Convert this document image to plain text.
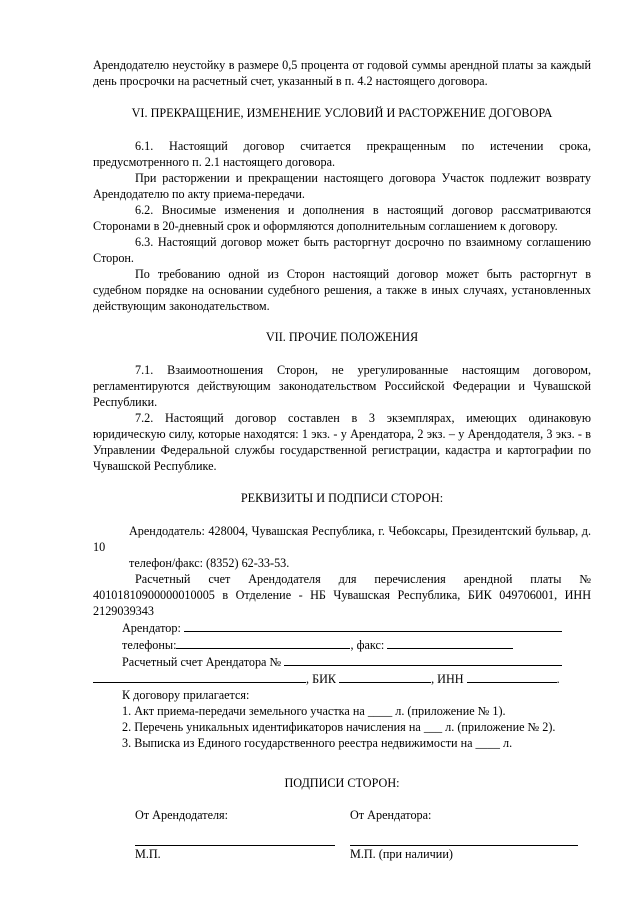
Арендодателю неустойку в размере 0,5 процента от годовой суммы арендной платы за каждый день просрочки на расчетный счет, указанный в п. 4.2 настоящего договора.

VI. ПРЕКРАЩЕНИЕ, ИЗМЕНЕНИЕ УСЛОВИЙ И РАСТОРЖЕНИЕ ДОГОВОРА

6.1. Настоящий договор считается прекращенным по истечении срока, предусмотренного п. 2.1 настоящего договора.

При расторжении и прекращении настоящего договора Участок подлежит возврату Арендодателю по акту приема-передачи.

6.2. Вносимые изменения и дополнения в настоящий договор рассматриваются Сторонами в 20-дневный срок и оформляются дополнительным соглашением к договору.

6.3. Настоящий договор может быть расторгнут досрочно по взаимному соглашению Сторон.

По требованию одной из Сторон настоящий договор может быть расторгнут в судебном порядке на основании судебного решения, а также в иных случаях, установленных действующим законодательством.

VII. ПРОЧИЕ ПОЛОЖЕНИЯ

7.1. Взаимоотношения Сторон, не урегулированные настоящим договором, регламентируются действующим законодательством Российской Федерации и Чувашской Республики.

7.2. Настоящий договор составлен в 3 экземплярах, имеющих одинаковую юридическую силу, которые находятся: 1 экз. - у Арендатора, 2 экз. – у Арендодателя, 3 экз. - в Управлении Федеральной службы государственной регистрации, кадастра и картографии по Чувашской Республике.

РЕКВИЗИТЫ И ПОДПИСИ СТОРОН:

Арендодатель: 428004, Чувашская Республика, г. Чебоксары, Президентский бульвар, д. 10

телефон/факс: (8352) 62-33-53.

Расчетный счет Арендодателя для перечисления арендной платы № 40101810900000010005 в Отделение - НБ Чувашская Республика, БИК 049706001, ИНН 2129039343

Арендатор:
телефоны:	, факс:
Расчетный счет Арендатора №
, БИК	, ИНН	.
К договору прилагается:
1. Акт приема-передачи земельного участка на ____ л. (приложение № 1).
2. Перечень уникальных идентификаторов начисления на ___ л. (приложение № 2).
3. Выписка из Единого государственного реестра недвижимости на ____ л.

ПОДПИСИ СТОРОН:

От Арендодателя:
М.П.
От Арендатора:
М.П. (при наличии)
